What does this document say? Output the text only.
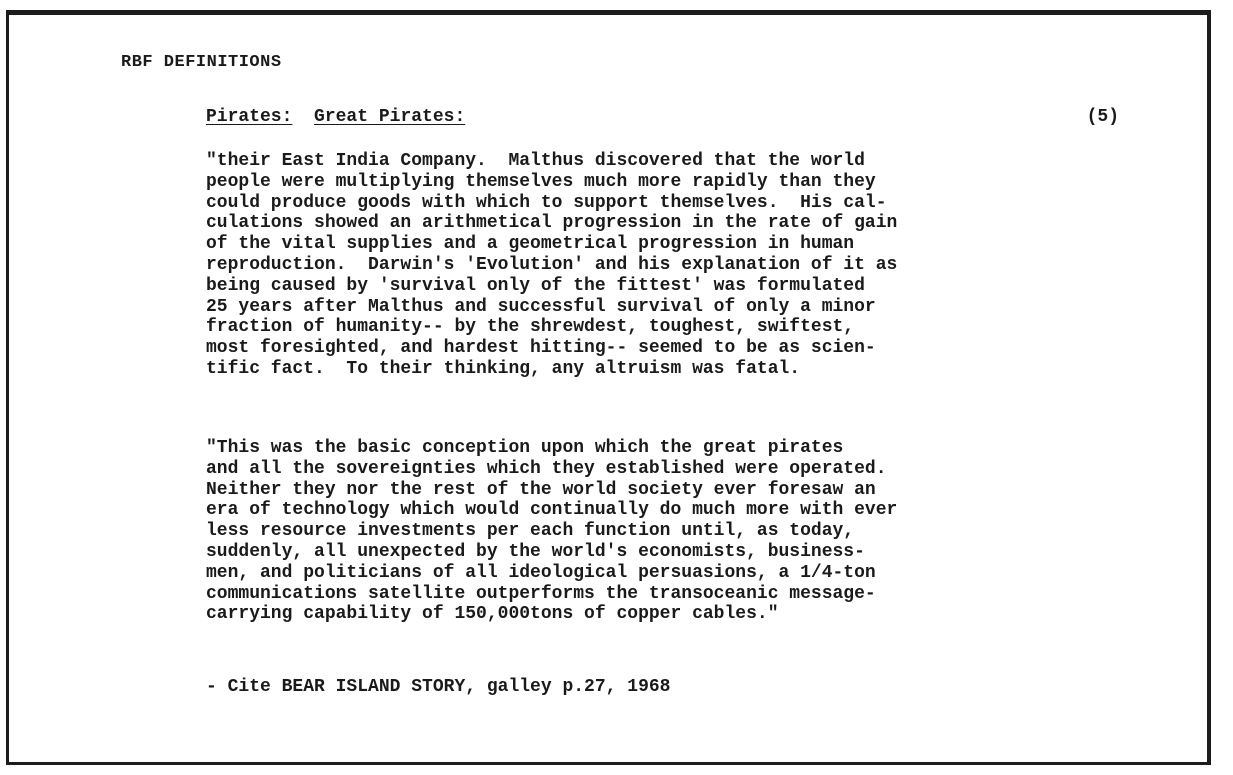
RBF DEFINITIONS
Pirates: Great Pirates:	(5)

"their East India Company.  Malthus discovered that the world
people were multiplying themselves much more rapidly than they
could produce goods with which to support themselves.  His cal-
culations showed an arithmetical progression in the rate of gain
of the vital supplies and a geometrical progression in human
reproduction.  Darwin's 'Evolution' and his explanation of it as
being caused by 'survival only of the fittest' was formulated
25 years after Malthus and successful survival of only a minor
fraction of humanity-- by the shrewdest, toughest, swiftest,
most foresighted, and hardest hitting-- seemed to be as scien-
tific fact.  To their thinking, any altruism was fatal.

"This was the basic conception upon which the great pirates
and all the sovereignties which they established were operated.
Neither they nor the rest of the world society ever foresaw an
era of technology which would continually do much more with ever
less resource investments per each function until, as today,
suddenly, all unexpected by the world's economists, business-
men, and politicians of all ideological persuasions, a 1/4-ton
communications satellite outperforms the transoceanic message-
carrying capability of 150,000tons of copper cables."

- Cite BEAR ISLAND STORY, galley p.27, 1968
